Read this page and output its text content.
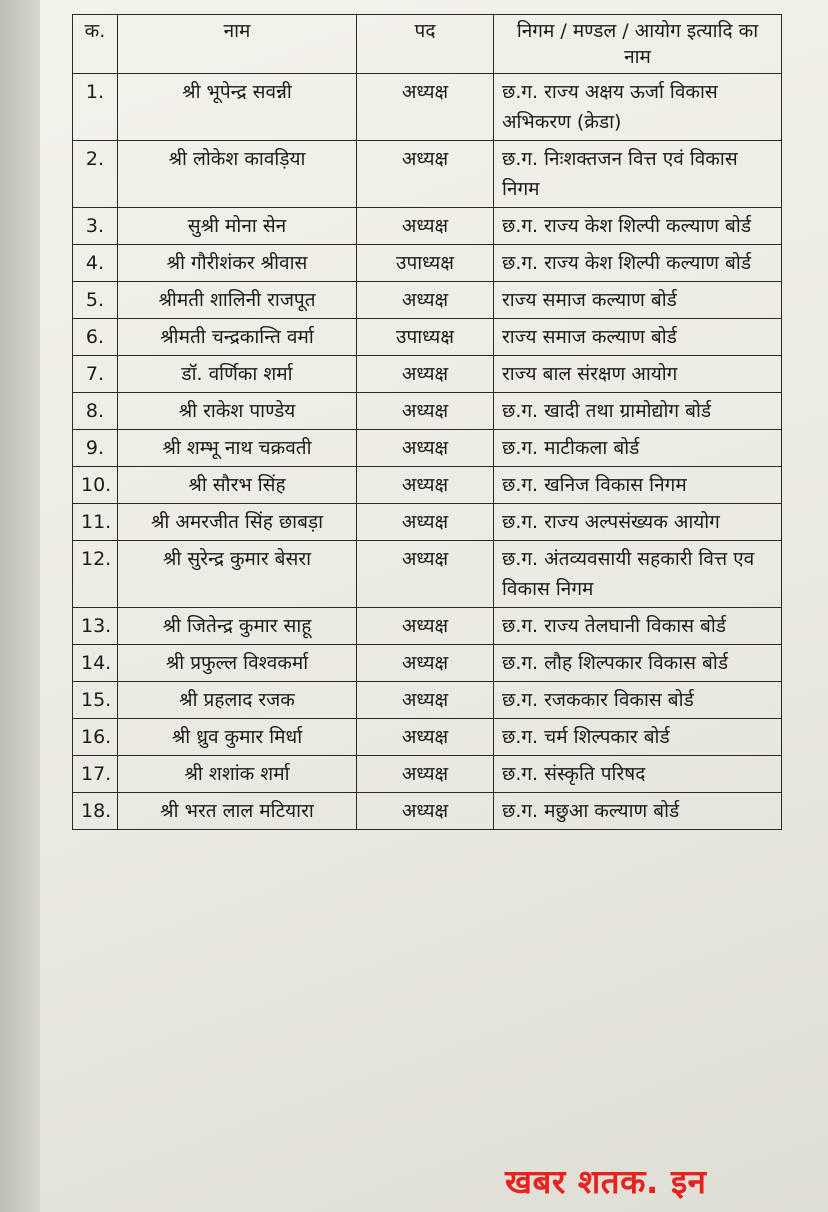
क.	नाम	पद	निगम / मण्डल / आयोग इत्यादि का नाम
1.	श्री भूपेन्द्र सवन्नी	अध्यक्ष	छ.ग. राज्य अक्षय ऊर्जा विकास अभिकरण (क्रेडा)
2.	श्री लोकेश कावड़िया	अध्यक्ष	छ.ग. निःशक्तजन वित्त एवं विकास निगम
3.	सुश्री मोना सेन	अध्यक्ष	छ.ग. राज्य केश शिल्पी कल्याण बोर्ड
4.	श्री गौरीशंकर श्रीवास	उपाध्यक्ष	छ.ग. राज्य केश शिल्पी कल्याण बोर्ड
5.	श्रीमती शालिनी राजपूत	अध्यक्ष	राज्य समाज कल्याण बोर्ड
6.	श्रीमती चन्द्रकान्ति वर्मा	उपाध्यक्ष	राज्य समाज कल्याण बोर्ड
7.	डॉ. वर्णिका शर्मा	अध्यक्ष	राज्य बाल संरक्षण आयोग
8.	श्री राकेश पाण्डेय	अध्यक्ष	छ.ग. खादी तथा ग्रामोद्योग बोर्ड
9.	श्री शम्भू नाथ चक्रवती	अध्यक्ष	छ.ग. माटीकला बोर्ड
10.	श्री सौरभ सिंह	अध्यक्ष	छ.ग. खनिज विकास निगम
11.	श्री अमरजीत सिंह छाबड़ा	अध्यक्ष	छ.ग. राज्य अल्पसंख्यक आयोग
12.	श्री सुरेन्द्र कुमार बेसरा	अध्यक्ष	छ.ग. अंतव्यवसायी सहकारी वित्त एव विकास निगम
13.	श्री जितेन्द्र कुमार साहू	अध्यक्ष	छ.ग. राज्य तेलघानी विकास बोर्ड
14.	श्री प्रफुल्ल विश्वकर्मा	अध्यक्ष	छ.ग. लौह शिल्पकार विकास बोर्ड
15.	श्री प्रहलाद रजक	अध्यक्ष	छ.ग. रजककार विकास बोर्ड
16.	श्री ध्रुव कुमार मिर्धा	अध्यक्ष	छ.ग. चर्म शिल्पकार बोर्ड
17.	श्री शशांक शर्मा	अध्यक्ष	छ.ग. संस्कृति परिषद
18.	श्री भरत लाल मटियारा	अध्यक्ष	छ.ग. मछुआ कल्याण बोर्ड
खबर शतक. इन
